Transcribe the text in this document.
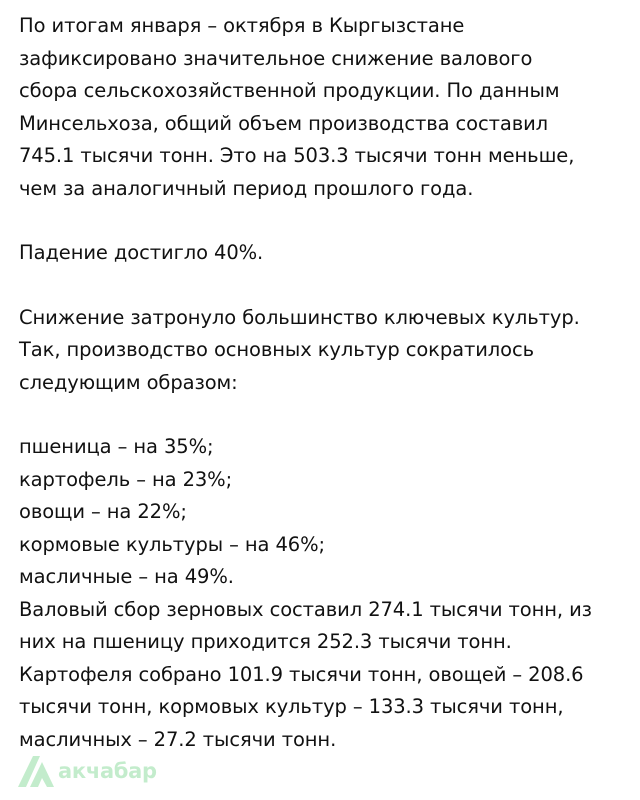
По итогам января – октября в Кыргызстане
зафиксировано значительное снижение валового
сбора сельскохозяйственной продукции. По данным
Минсельхоза, общий объем производства составил
745.1 тысячи тонн. Это на 503.3 тысячи тонн меньше,
чем за аналогичный период прошлого года.

Падение достигло 40%.

Снижение затронуло большинство ключевых культур.
Так, производство основных культур сократилось
следующим образом:

пшеница – на 35%;
картофель – на 23%;
овощи – на 22%;
кормовые культуры – на 46%;
масличные – на 49%.

Валовый сбор зерновых составил 274.1 тысячи тонн, из
них на пшеницу приходится 252.3 тысячи тонн.
Картофеля собрано 101.9 тысячи тонн, овощей – 208.6
тысячи тонн, кормовых культур – 133.3 тысячи тонн,
масличных – 27.2 тысячи тонн.

акчабар
